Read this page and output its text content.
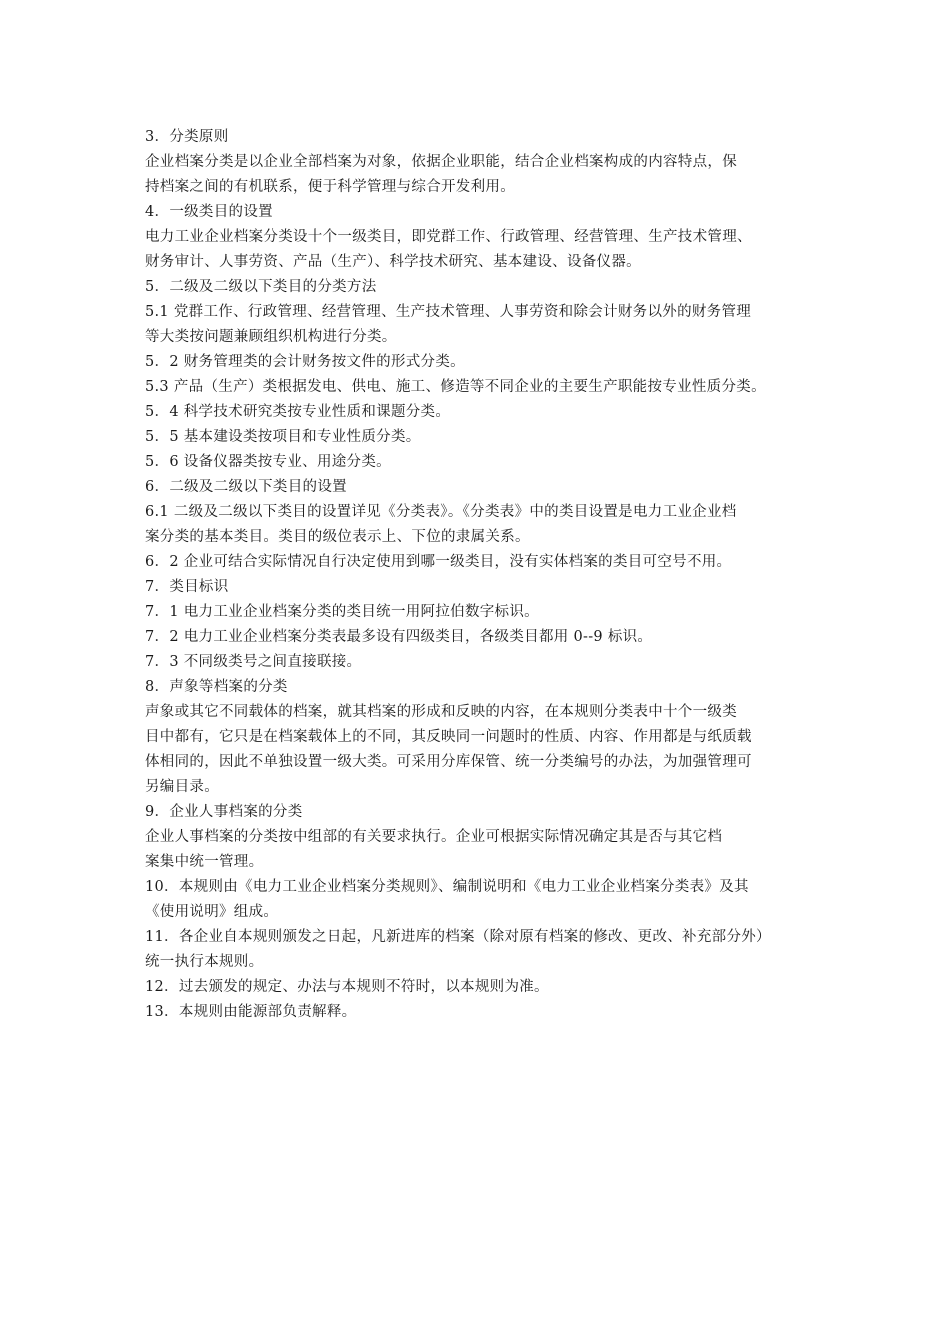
3．分类原则
企业档案分类是以企业全部档案为对象，依据企业职能，结合企业档案构成的内容特点，保
持档案之间的有机联系，便于科学管理与综合开发利用。
4．一级类目的设置
电力工业企业档案分类设十个一级类目，即党群工作、行政管理、经营管理、生产技术管理、
财务审计、人事劳资、产品（生产）、科学技术研究、基本建设、设备仪器。
5．二级及二级以下类目的分类方法
5.1 党群工作、行政管理、经营管理、生产技术管理、人事劳资和除会计财务以外的财务管理
等大类按问题兼顾组织机构进行分类。
5．2 财务管理类的会计财务按文件的形式分类。
5.3 产品（生产）类根据发电、供电、施工、修造等不同企业的主要生产职能按专业性质分类。
5．4 科学技术研究类按专业性质和课题分类。
5．5 基本建设类按项目和专业性质分类。
5．6 设备仪器类按专业、用途分类。
6．二级及二级以下类目的设置
6.1 二级及二级以下类目的设置详见《分类表》。《分类表》中的类目设置是电力工业企业档
案分类的基本类目。类目的级位表示上、下位的隶属关系。
6．2 企业可结合实际情况自行决定使用到哪一级类目，没有实体档案的类目可空号不用。
7．类目标识
7．1 电力工业企业档案分类的类目统一用阿拉伯数字标识。
7．2 电力工业企业档案分类表最多设有四级类目，各级类目都用 0--9 标识。
7．3 不同级类号之间直接联接。
8．声象等档案的分类
声象或其它不同载体的档案，就其档案的形成和反映的内容，在本规则分类表中十个一级类
目中都有，它只是在档案载体上的不同，其反映同一问题时的性质、内容、作用都是与纸质载
体相同的，因此不单独设置一级大类。可采用分库保管、统一分类编号的办法，为加强管理可
另编目录。
9．企业人事档案的分类
企业人事档案的分类按中组部的有关要求执行。企业可根据实际情况确定其是否与其它档
案集中统一管理。
10．本规则由《电力工业企业档案分类规则》、编制说明和《电力工业企业档案分类表》及其
《使用说明》组成。
11．各企业自本规则颁发之日起，凡新进库的档案（除对原有档案的修改、更改、补充部分外）
统一执行本规则。
12．过去颁发的规定、办法与本规则不符时，以本规则为准。
13．本规则由能源部负责解释。
